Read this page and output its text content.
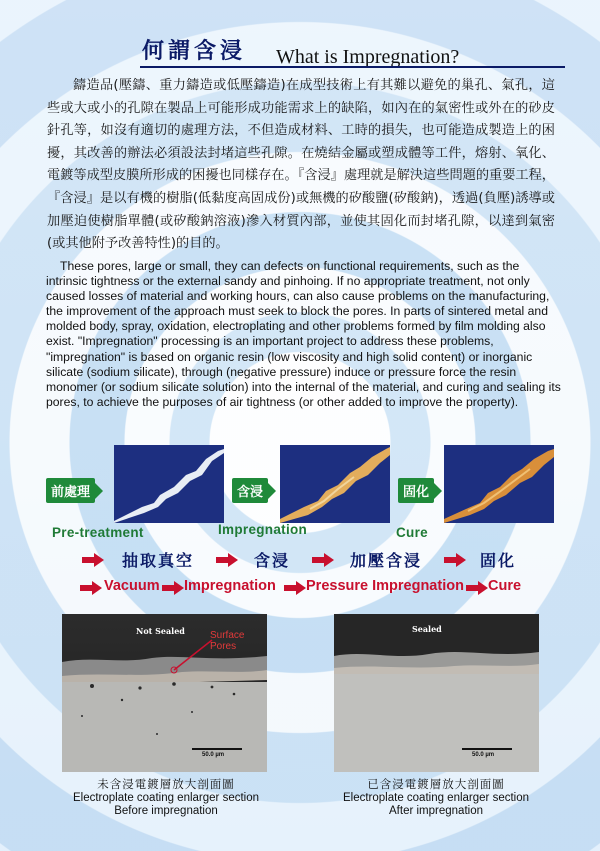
何謂含浸 What is Impregnation?
鑄造品(壓鑄、重力鑄造或低壓鑄造)在成型技術上有其難以避免的巢孔、氣孔，這些或大或小的孔隙在製品上可能形成功能需求上的缺陷，如內在的氣密性或外在的砂皮針孔等，如沒有適切的處理方法，不但造成材料、工時的損失，也可能造成製造上的困擾，其改善的辦法必須設法封堵這些孔隙。在燒結金屬或塑成體等工件，熔射、氧化、電鍍等成型皮膜所形成的困擾也同樣存在。『含浸』處理就是解決這些問題的重要工程，『含浸』是以有機的樹脂(低黏度高固成份)或無機的矽酸鹽(矽酸鈉)，透過(負壓)誘導或加壓迫使樹脂單體(或矽酸鈉溶液)滲入材質內部，並使其固化而封堵孔隙，以達到氣密(或其他附予改善特性)的目的。
These pores, large or small, they can defects on functional requirements, such as the intrinsic tightness or the external sandy and pinhoing. If no appropriate treatment, not only caused losses of material and working hours, can also cause problems on the manufacturing, the improvement of the approach must seek to block the pores. In parts of sintered metal and molded body, spray, oxidation, electroplating and other problems formed by film molding also exist. "Impregnation" processing is an important project to address these problems, "impregnation" is based on organic resin (low viscosity and high solid content) or inorganic silicate (sodium silicate), through (negative pressure) induce or pressure force the resin monomer (or sodium silicate solution) into the internal of the material, and curing and sealing its pores, to achieve the purposes of air tightness (or other added to improve the property).
前處理	含浸	固化
Pre-treatment	Impregnation	Cure
抽取真空	含浸	加壓含浸	固化
Vacuum Impregnation Pressure Impregnation Cure
Not Sealed	Surface
Pores
50.0 µm
Sealed
50.0 µm
未含浸電鍍層放大剖面圖
Electroplate coating enlarger section
Before impregnation
已含浸電鍍層放大剖面圖
Electroplate coating enlarger section
After impregnation
